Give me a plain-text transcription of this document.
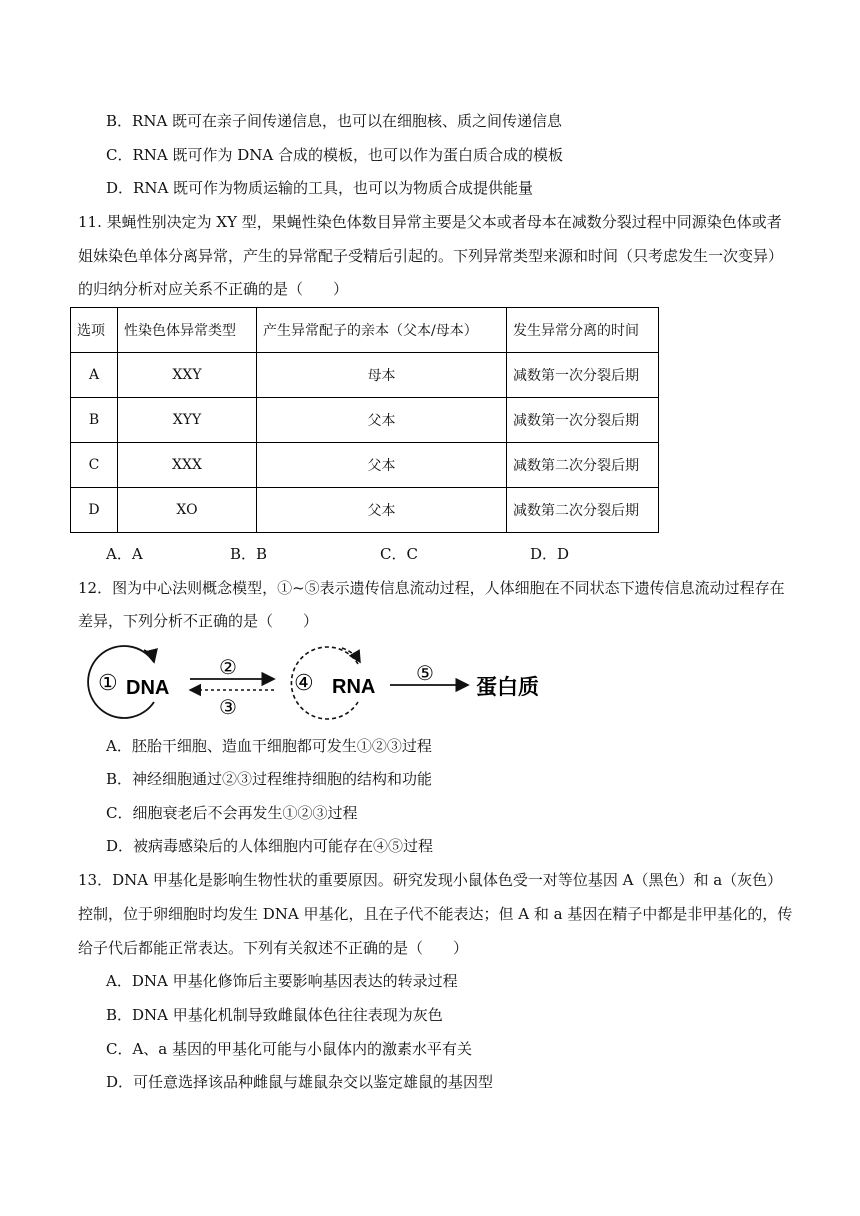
B．RNA 既可在亲子间传递信息，也可以在细胞核、质之间传递信息
C．RNA 既可作为 DNA 合成的模板，也可以作为蛋白质合成的模板
D．RNA 既可作为物质运输的工具，也可以为物质合成提供能量
11. 果蝇性别决定为 XY 型，果蝇性染色体数目异常主要是父本或者母本在减数分裂过程中同源染色体或者
姐妹染色单体分离异常，产生的异常配子受精后引起的。下列异常类型来源和时间（只考虑发生一次变异）
的归纳分析对应关系不正确的是（　　）
选项	性染色体异常类型	产生异常配子的亲本（父本/母本）	发生异常分离的时间
A	XXY	母本	减数第一次分裂后期
B	XYY	父本	减数第一次分裂后期
C	XXX	父本	减数第二次分裂后期
D	XO	父本	减数第二次分裂后期
A．A	B．B	C．C	D．D
12．图为中心法则概念模型，①~⑤表示遗传信息流动过程，人体细胞在不同状态下遗传信息流动过程存在
差异，下列分析不正确的是（　　）
① DNA
②
③
④ RNA
⑤
蛋白质
A．胚胎干细胞、造血干细胞都可发生①②③过程
B．神经细胞通过②③过程维持细胞的结构和功能
C．细胞衰老后不会再发生①②③过程
D．被病毒感染后的人体细胞内可能存在④⑤过程
13．DNA 甲基化是影响生物性状的重要原因。研究发现小鼠体色受一对等位基因 A（黑色）和 a（灰色）
控制，位于卵细胞时均发生 DNA 甲基化，且在子代不能表达；但 A 和 a 基因在精子中都是非甲基化的，传
给子代后都能正常表达。下列有关叙述不正确的是（　　）
A．DNA 甲基化修饰后主要影响基因表达的转录过程
B．DNA 甲基化机制导致雌鼠体色往往表现为灰色
C．A、a 基因的甲基化可能与小鼠体内的激素水平有关
D．可任意选择该品种雌鼠与雄鼠杂交以鉴定雄鼠的基因型
